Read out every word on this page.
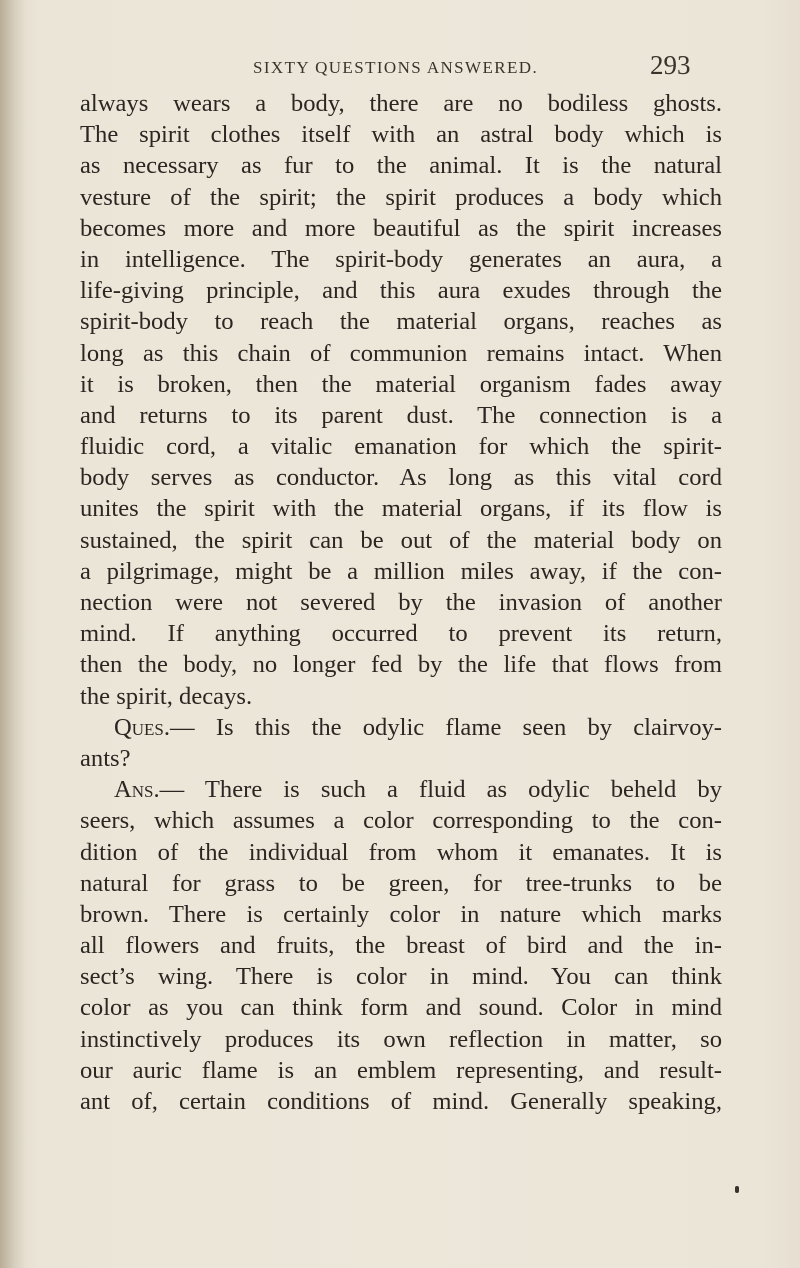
SIXTY QUESTIONS ANSWERED.	293
always wears a body, there are no bodiless ghosts.
The spirit clothes itself with an astral body which is
as necessary as fur to the animal. It is the natural
vesture of the spirit; the spirit produces a body which
becomes more and more beautiful as the spirit increases
in intelligence. The spirit-body generates an aura, a
life-giving principle, and this aura exudes through the
spirit-body to reach the material organs, reaches as
long as this chain of communion remains intact. When
it is broken, then the material organism fades away
and returns to its parent dust. The connection is a
fluidic cord, a vitalic emanation for which the spirit-
body serves as conductor. As long as this vital cord
unites the spirit with the material organs, if its flow is
sustained, the spirit can be out of the material body on
a pilgrimage, might be a million miles away, if the con-
nection were not severed by the invasion of another
mind. If anything occurred to prevent its return,
then the body, no longer fed by the life that flows from
the spirit, decays.
Ques.— Is this the odylic flame seen by clairvoy-
ants?
Ans.— There is such a fluid as odylic beheld by
seers, which assumes a color corresponding to the con-
dition of the individual from whom it emanates. It is
natural for grass to be green, for tree-trunks to be
brown. There is certainly color in nature which marks
all flowers and fruits, the breast of bird and the in-
sect’s wing. There is color in mind. You can think
color as you can think form and sound. Color in mind
instinctively produces its own reflection in matter, so
our auric flame is an emblem representing, and result-
ant of, certain conditions of mind. Generally speaking,
